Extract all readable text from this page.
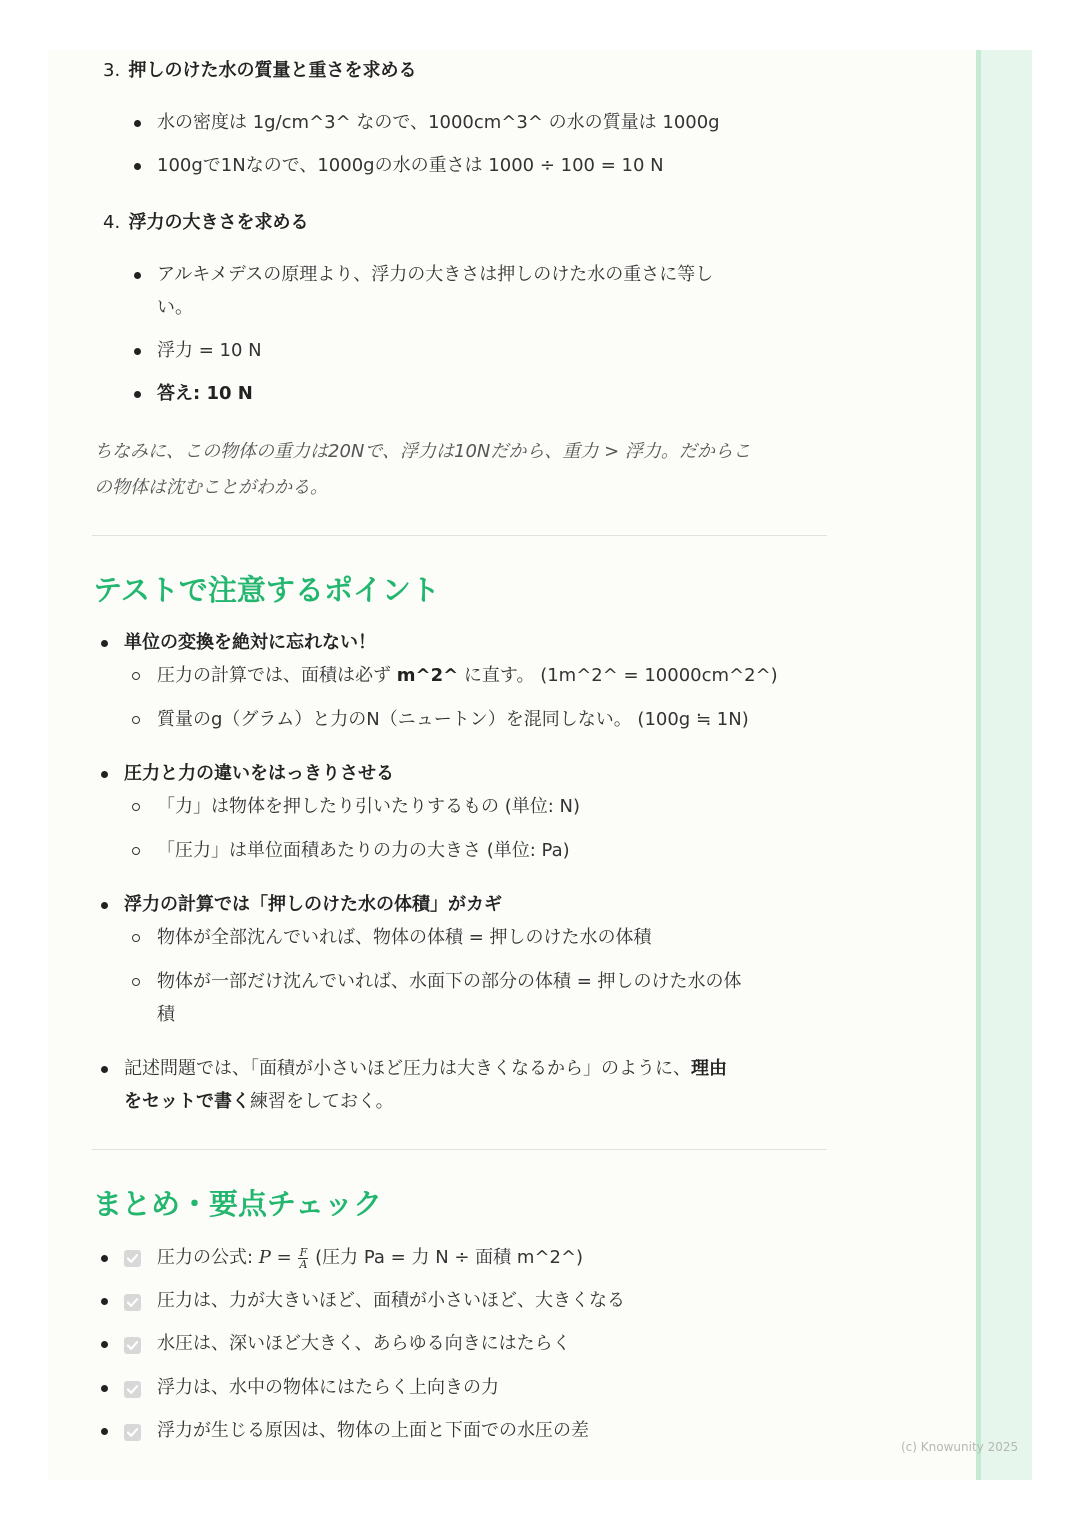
3. 押しのけた水の質量と重さを求める
水の密度は 1g/cm^3^ なので、1000cm^3^ の水の質量は 1000g
100gで1Nなので、1000gの水の重さは 1000 ÷ 100 = 10 N
4. 浮力の大きさを求める
アルキメデスの原理より、浮力の大きさは押しのけた水の重さに等し
い。
浮力 = 10 N
答え: 10 N
ちなみに、この物体の重力は20Nで、浮力は10Nだから、重力 > 浮力。だからこ
の物体は沈むことがわかる。
テストで注意するポイント
単位の変換を絶対に忘れない！
圧力の計算では、面積は必ず m^2^ に直す。 (1m^2^ = 10000cm^2^)
質量のg（グラム）と力のN（ニュートン）を混同しない。 (100g ≒ 1N)
圧力と力の違いをはっきりさせる
「力」は物体を押したり引いたりするもの (単位: N)
「圧力」は単位面積あたりの力の大きさ (単位: Pa)
浮力の計算では「押しのけた水の体積」がカギ
物体が全部沈んでいれば、物体の体積 = 押しのけた水の体積
物体が一部だけ沈んでいれば、水面下の部分の体積 = 押しのけた水の体
積
記述問題では、「面積が小さいほど圧力は大きくなるから」のように、理由
をセットで書く練習をしておく。
まとめ・要点チェック
圧力の公式: $P = \frac{F}{A}$ (圧力 Pa = 力 N ÷ 面積 m^2^)
圧力は、力が大きいほど、面積が小さいほど、大きくなる
水圧は、深いほど大きく、あらゆる向きにはたらく
浮力は、水中の物体にはたらく上向きの力
浮力が生じる原因は、物体の上面と下面での水圧の差
(c) Knowunity 2025
